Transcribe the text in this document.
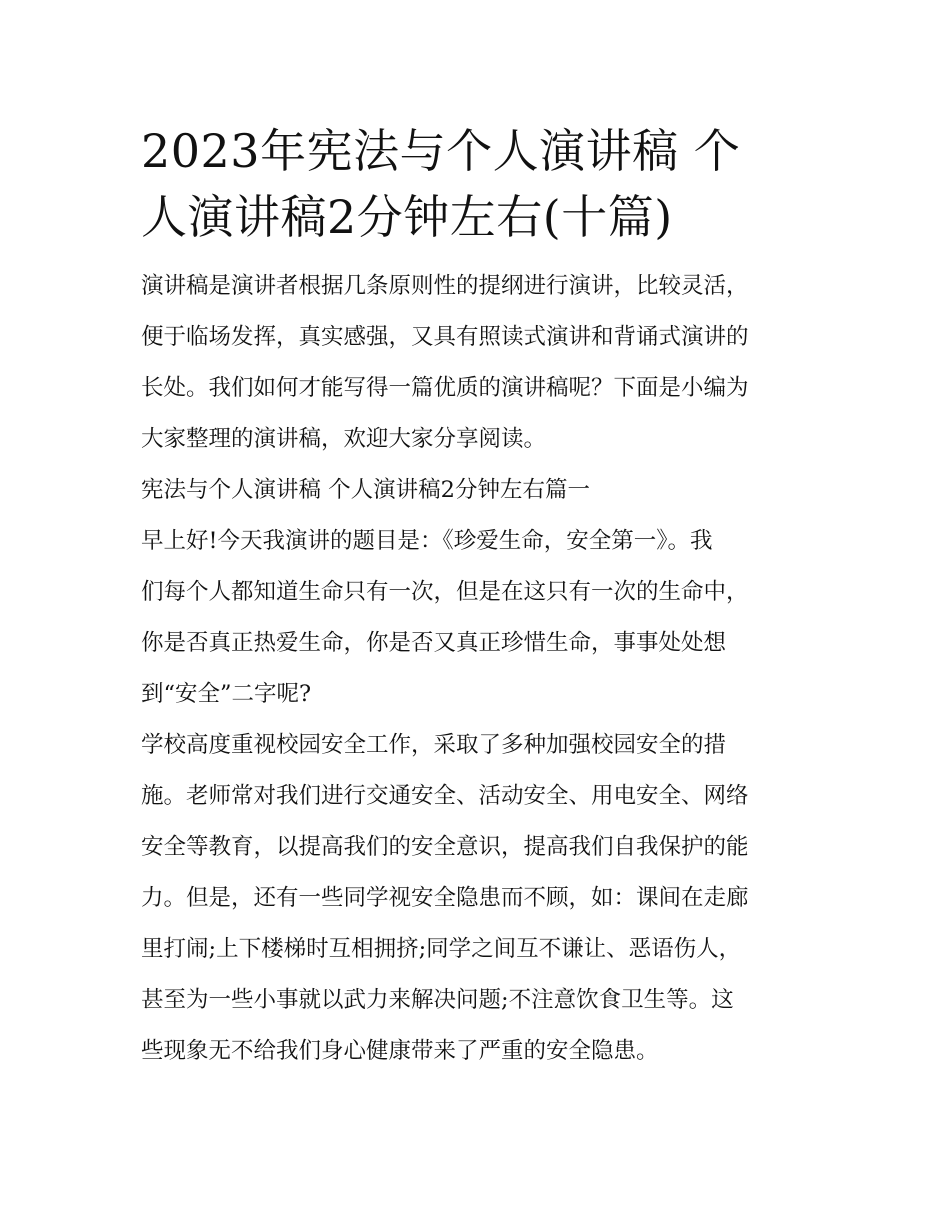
2023年宪法与个人演讲稿 个
人演讲稿2分钟左右(十篇)

演讲稿是演讲者根据几条原则性的提纲进行演讲，比较灵活，
便于临场发挥，真实感强，又具有照读式演讲和背诵式演讲的
长处。我们如何才能写得一篇优质的演讲稿呢？下面是小编为
大家整理的演讲稿，欢迎大家分享阅读。

宪法与个人演讲稿 个人演讲稿2分钟左右篇一

早上好!今天我演讲的题目是：《珍爱生命，安全第一》。我
们每个人都知道生命只有一次，但是在这只有一次的生命中，
你是否真正热爱生命，你是否又真正珍惜生命，事事处处想
到“安全”二字呢?

学校高度重视校园安全工作，采取了多种加强校园安全的措
施。老师常对我们进行交通安全、活动安全、用电安全、网络
安全等教育，以提高我们的安全意识，提高我们自我保护的能
力。但是，还有一些同学视安全隐患而不顾，如：课间在走廊
里打闹;上下楼梯时互相拥挤;同学之间互不谦让、恶语伤人，
甚至为一些小事就以武力来解决问题;不注意饮食卫生等。这
些现象无不给我们身心健康带来了严重的安全隐患。
